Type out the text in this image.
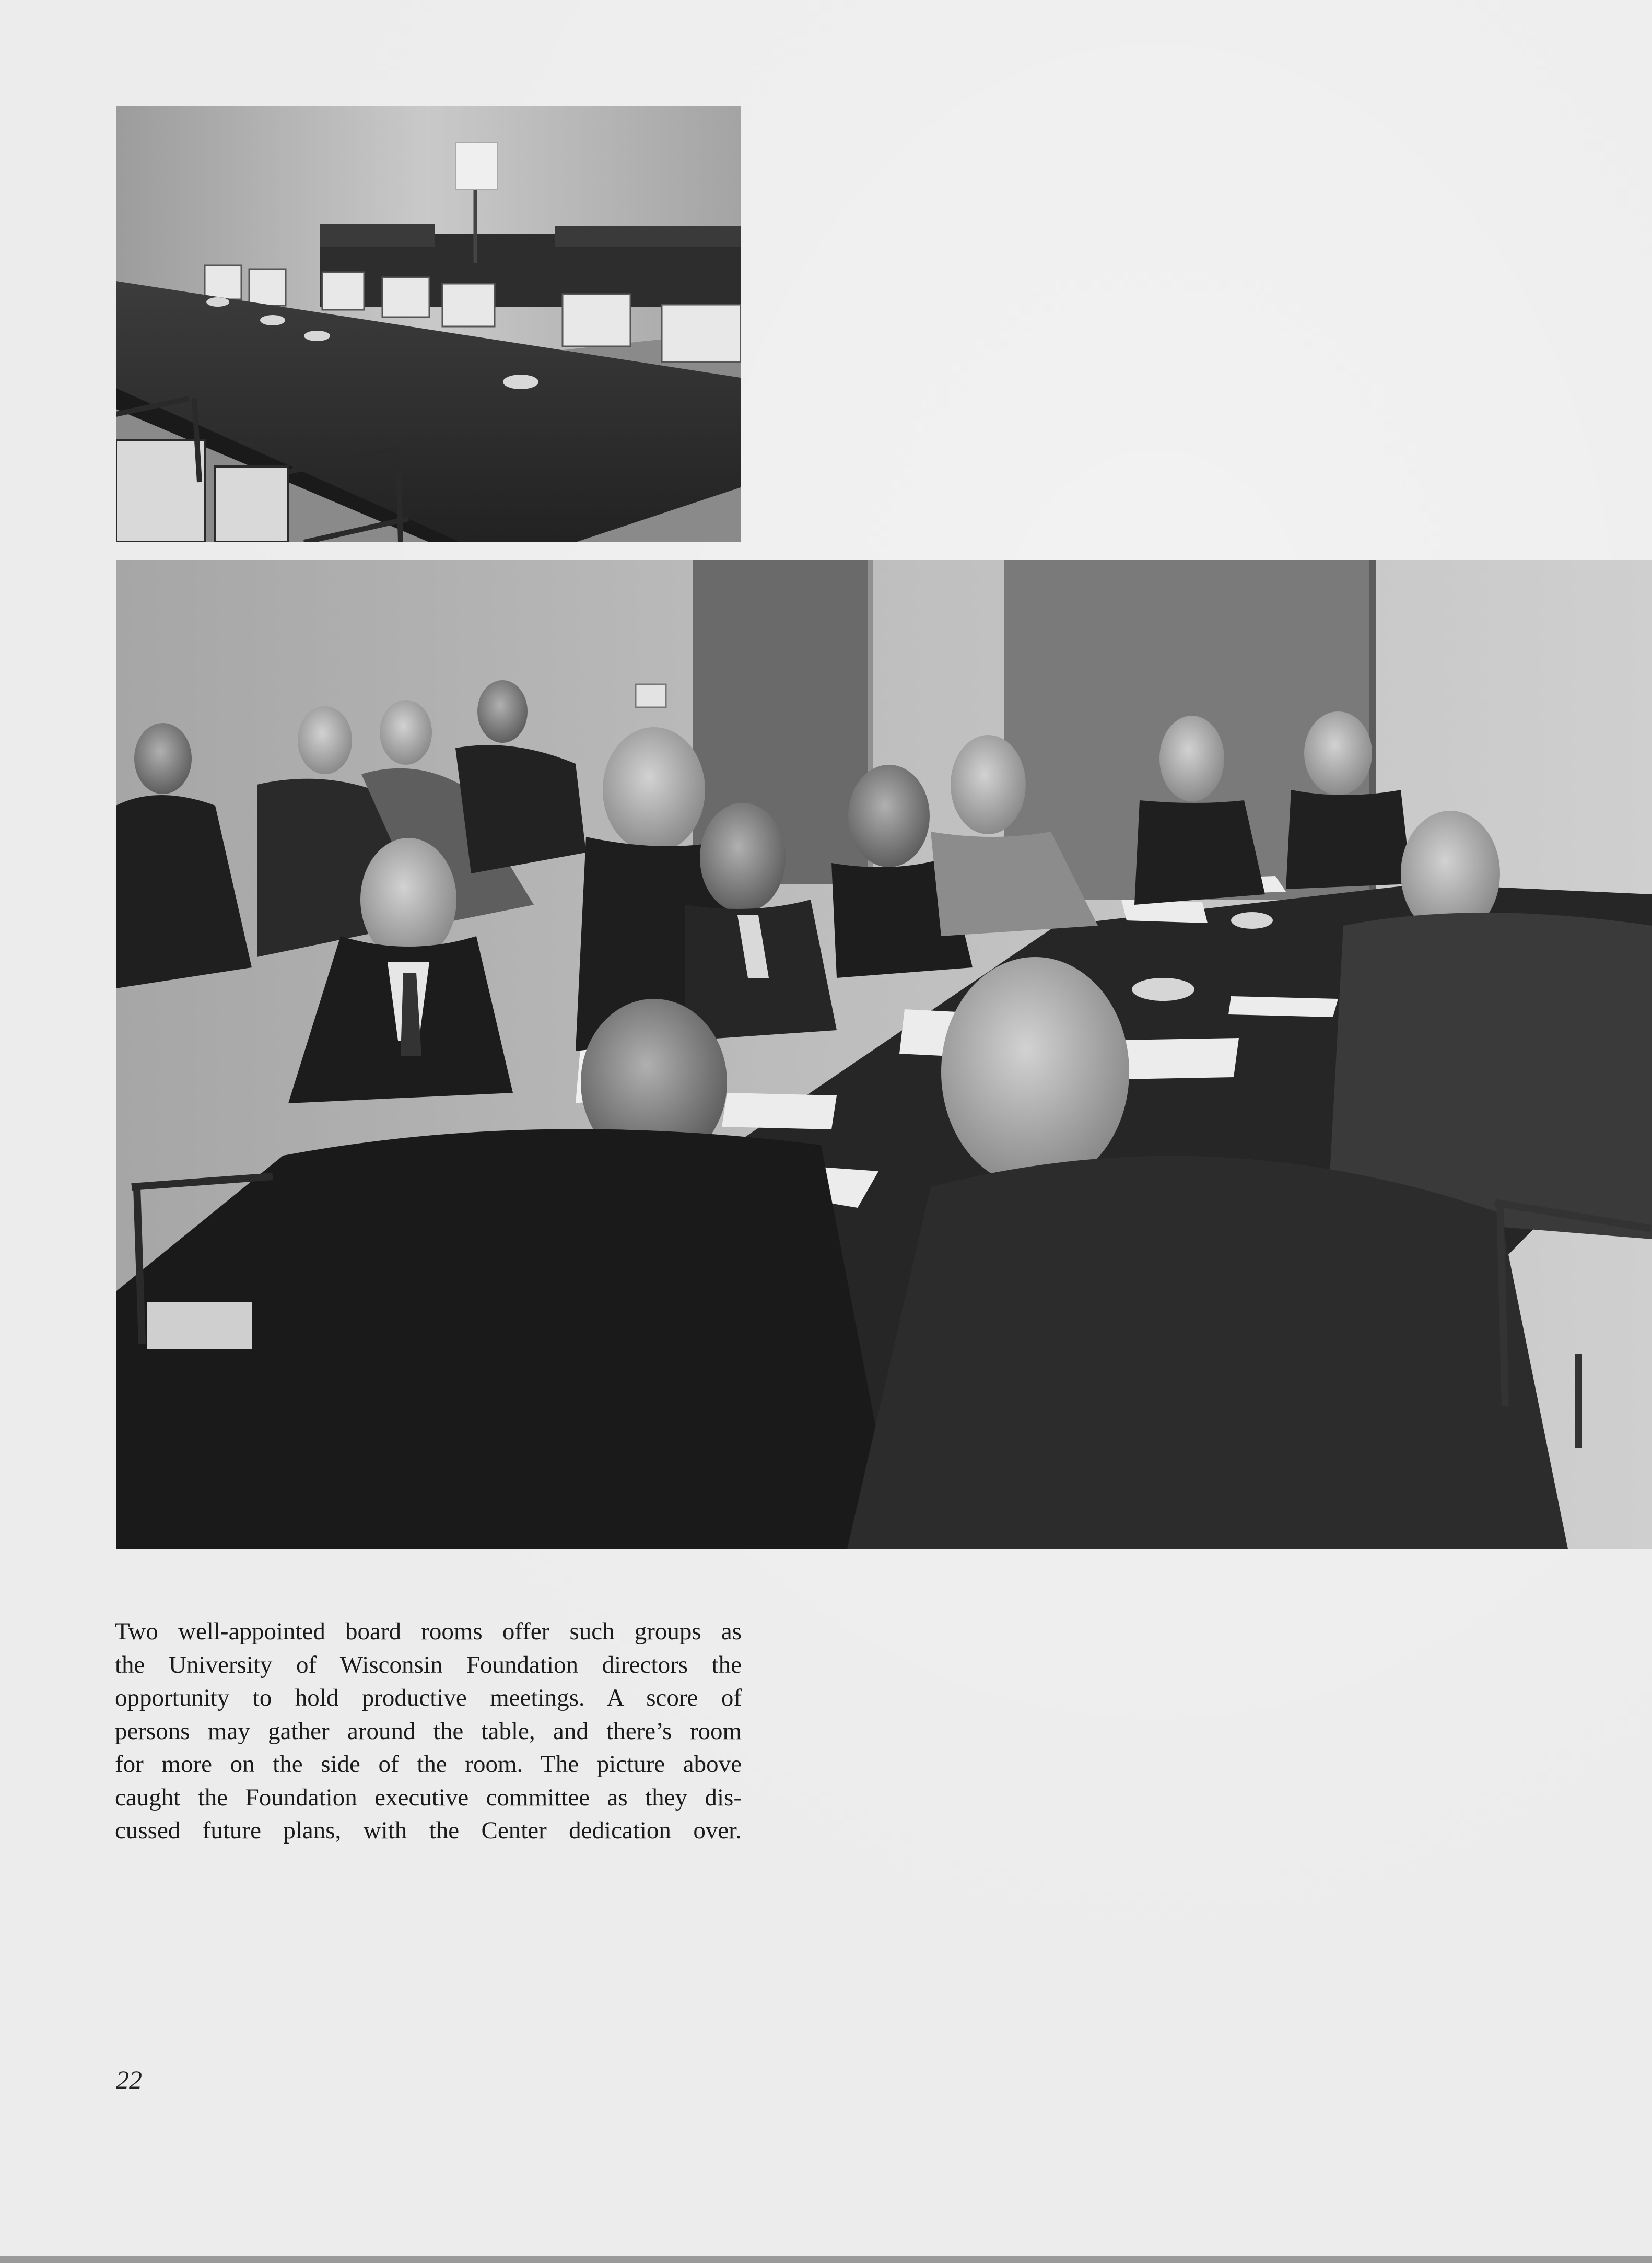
Two well-appointed board rooms offer such groups as
the University of Wisconsin Foundation directors the
opportunity to hold productive meetings. A score of
persons may gather around the table, and there’s room
for more on the side of the room. The picture above
caught the Foundation executive committee as they dis-
cussed future plans, with the Center dedication over.
22
